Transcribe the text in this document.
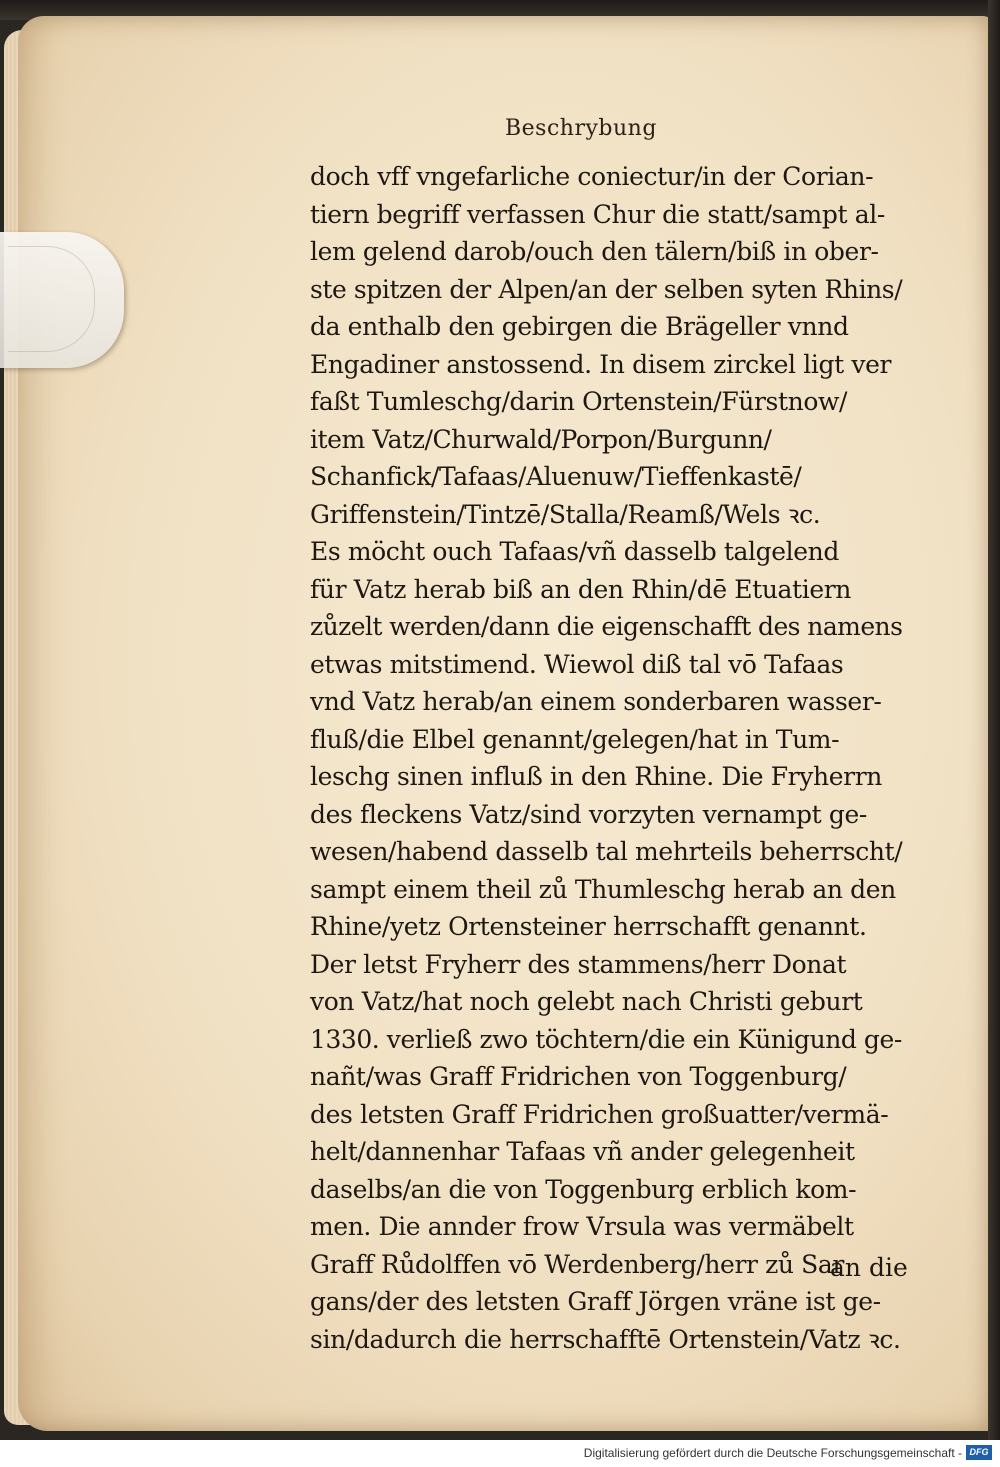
Beschrybung
doch vff vngefarliche coniectur/in der Corian-
tiern begriff verfassen Chur die statt/sampt al-
lem gelend darob/ouch den tälern/biß in ober-
ste spitzen der Alpen/an der selben syten Rhins/
da enthalb den gebirgen die Brägeller vnnd
Engadiner anstossend. In disem zirckel ligt ver
faßt Tumleschg/darin Ortenstein/Fürstnow/
item Vatz/Churwald/Porpon/Burgunn/
Schanfick/Tafaas/Aluenuw/Tieffenkastē/
Griffenstein/Tintzē/Stalla/Reamß/Wels ꝛc.
Es möcht ouch Tafaas/vñ dasselb talgelend
für Vatz herab biß an den Rhin/dē Etuatiern
zůzelt werden/dann die eigenschafft des namens
etwas mitstimend. Wiewol diß tal vō Tafaas
vnd Vatz herab/an einem sonderbaren wasser-
fluß/die Elbel genannt/gelegen/hat in Tum-
leschg sinen influß in den Rhine. Die Fryherrn
des fleckens Vatz/sind vorzyten vernampt ge-
wesen/habend dasselb tal mehrteils beherrscht/
sampt einem theil zů Thumleschg herab an den
Rhine/yetz Ortensteiner herrschafft genannt.
Der letst Fryherr des stammens/herr Donat
von Vatz/hat noch gelebt nach Christi geburt
1330. verließ zwo töchtern/die ein Künigund ge-
nañt/was Graff Fridrichen von Toggenburg/
des letsten Graff Fridrichen großuatter/vermä-
helt/dannenhar Tafaas vñ ander gelegenheit
daselbs/an die von Toggenburg erblich kom-
men. Die annder frow Vrsula was vermäbelt
Graff Růdolffen vō Werdenberg/herr zů Sar
gans/der des letsten Graff Jörgen vräne ist ge-
sin/dadurch die herrschafftē Ortenstein/Vatz ꝛc.
an die
Digitalisierung gefördert durch die Deutsche Forschungsgemeinschaft - DFG
